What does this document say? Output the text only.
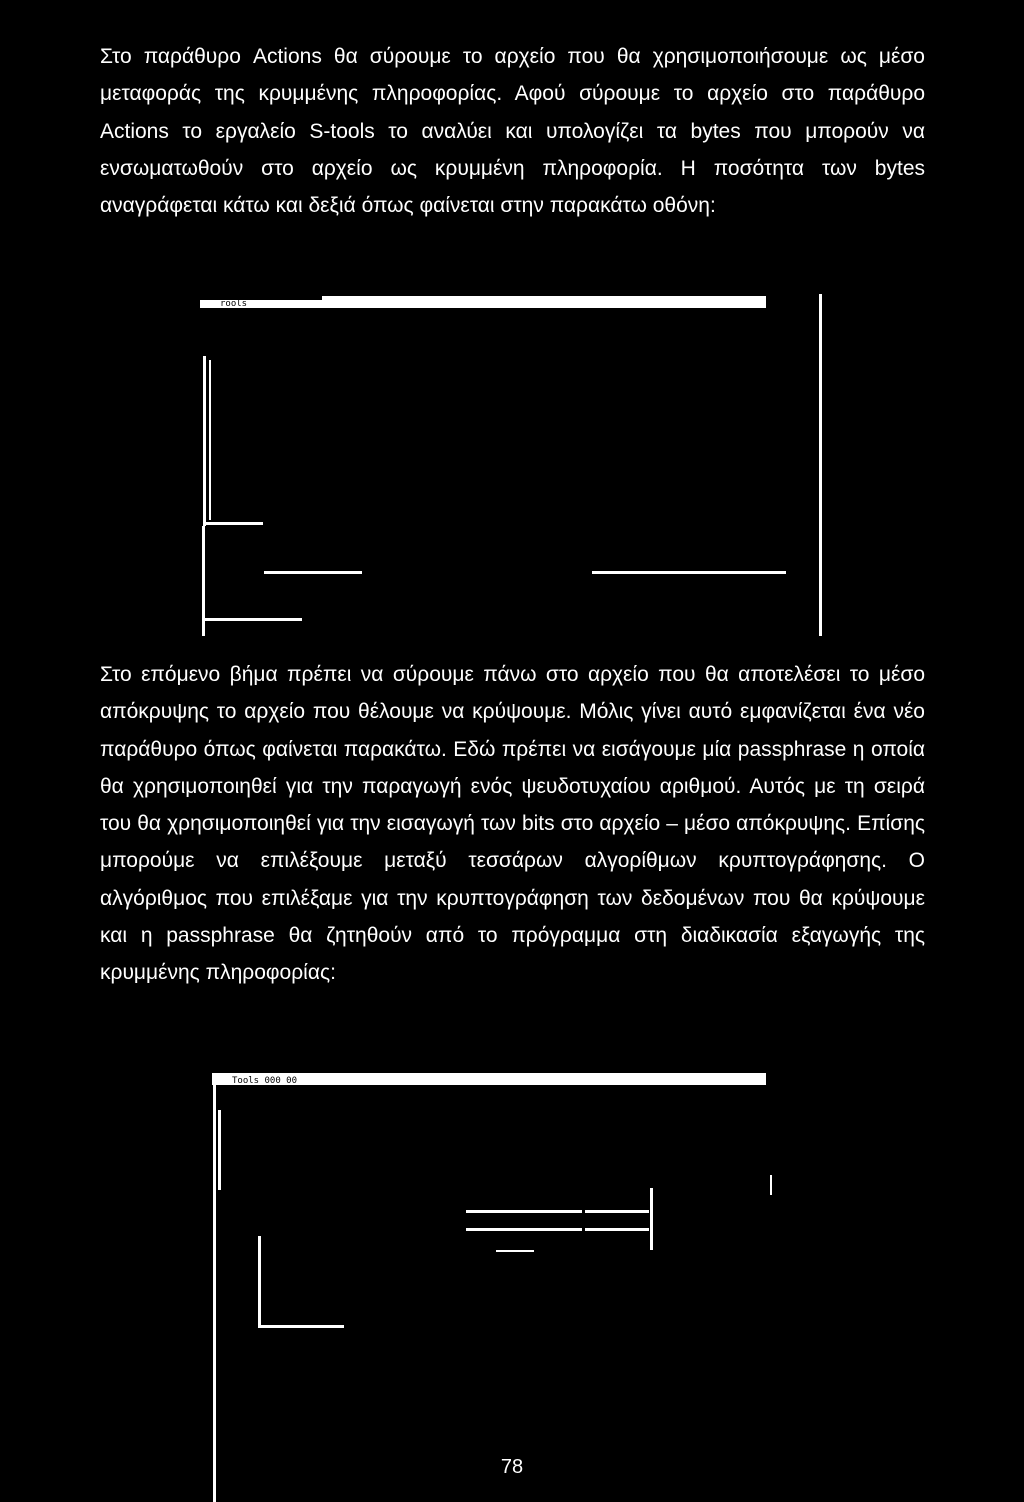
Στο παράθυρο Actions θα σύρουμε το αρχείο που θα χρησιμοποιήσουμε ως μέσο μεταφοράς της κρυμμένης πληροφορίας. Αφού σύρουμε το αρχείο στο παράθυρο Actions το εργαλείο S-tools το αναλύει και υπολογίζει τα bytes που μπορούν να ενσωματωθούν στο αρχείο ως κρυμμένη πληροφορία. Η ποσότητα των bytes αναγράφεται κάτω και δεξιά όπως φαίνεται στην παρακάτω οθόνη:

rools

Στο επόμενο βήμα πρέπει να σύρουμε πάνω στο αρχείο που θα αποτελέσει το μέσο απόκρυψης το αρχείο που θέλουμε να κρύψουμε. Μόλις γίνει αυτό εμφανίζεται ένα νέο παράθυρο όπως φαίνεται παρακάτω. Εδώ πρέπει να εισάγουμε μία passphrase η οποία θα χρησιμοποιηθεί για την παραγωγή ενός ψευδοτυχαίου αριθμού. Αυτός με τη σειρά του θα χρησιμοποιηθεί για την εισαγωγή των bits στο αρχείο – μέσο απόκρυψης. Επίσης μπορούμε να επιλέξουμε μεταξύ τεσσάρων αλγορίθμων κρυπτογράφησης. Ο αλγόριθμος που επιλέξαμε για την κρυπτογράφηση των δεδομένων που θα κρύψουμε και η passphrase θα ζητηθούν από το πρόγραμμα στη διαδικασία εξαγωγής της κρυμμένης πληροφορίας:

Tools 000 00
78
